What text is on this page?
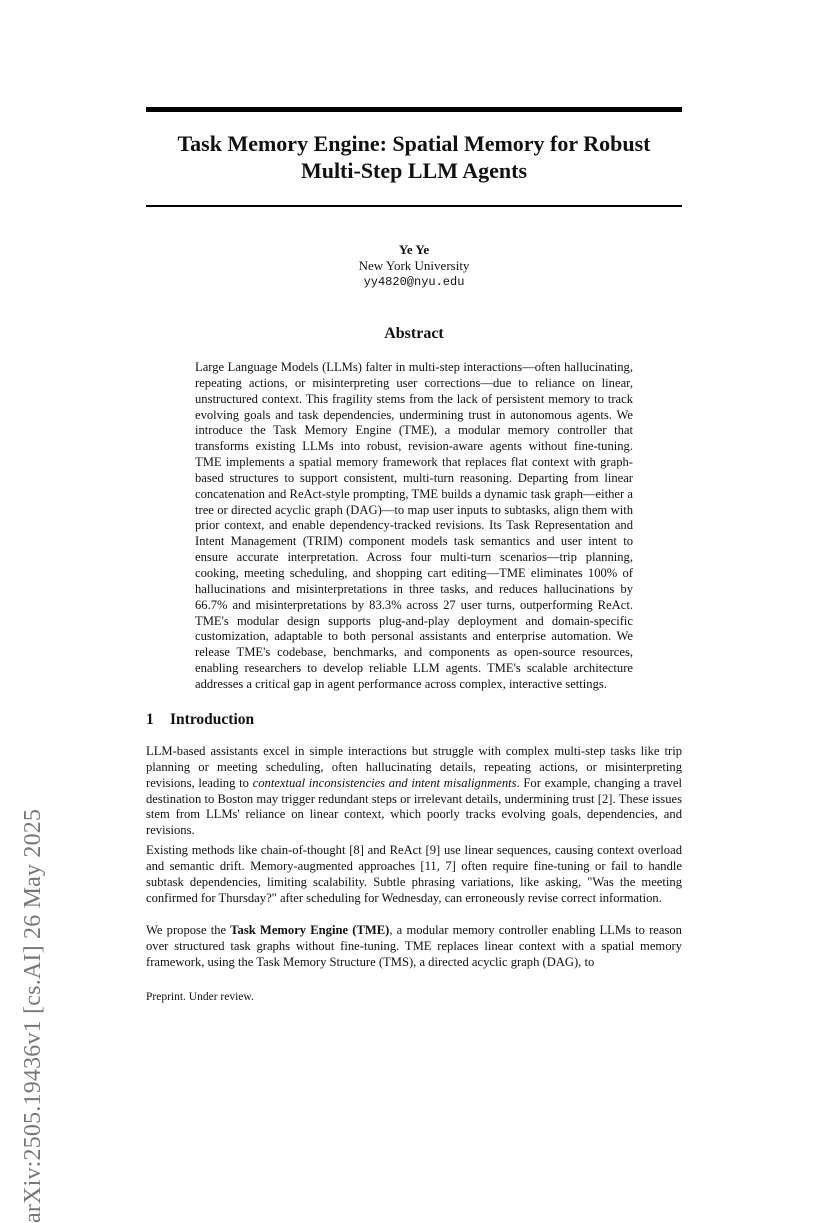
arXiv:2505.19436v1 [cs.AI] 26 May 2025
Task Memory Engine: Spatial Memory for Robust Multi-Step LLM Agents
Ye Ye
New York University
yy4820@nyu.edu
Abstract

Large Language Models (LLMs) falter in multi-step interactions—often hallucinating, repeating actions, or misinterpreting user corrections—due to reliance on linear, unstructured context. This fragility stems from the lack of persistent memory to track evolving goals and task dependencies, undermining trust in autonomous agents. We introduce the Task Memory Engine (TME), a modular memory controller that transforms existing LLMs into robust, revision-aware agents without fine-tuning. TME implements a spatial memory framework that replaces flat context with graph-based structures to support consistent, multi-turn reasoning. Departing from linear concatenation and ReAct-style prompting, TME builds a dynamic task graph—either a tree or directed acyclic graph (DAG)—to map user inputs to subtasks, align them with prior context, and enable dependency-tracked revisions. Its Task Representation and Intent Management (TRIM) component models task semantics and user intent to ensure accurate interpretation. Across four multi-turn scenarios—trip planning, cooking, meeting scheduling, and shopping cart editing—TME eliminates 100% of hallucinations and misinterpretations in three tasks, and reduces hallucinations by 66.7% and misinterpretations by 83.3% across 27 user turns, outperforming ReAct. TME's modular design supports plug-and-play deployment and domain-specific customization, adaptable to both personal assistants and enterprise automation. We release TME's codebase, benchmarks, and components as open-source resources, enabling researchers to develop reliable LLM agents. TME's scalable architecture addresses a critical gap in agent performance across complex, interactive settings.

1 Introduction

LLM-based assistants excel in simple interactions but struggle with complex multi-step tasks like trip planning or meeting scheduling, often hallucinating details, repeating actions, or misinterpreting revisions, leading to contextual inconsistencies and intent misalignments. For example, changing a travel destination to Boston may trigger redundant steps or irrelevant details, undermining trust [2]. These issues stem from LLMs' reliance on linear context, which poorly tracks evolving goals, dependencies, and revisions.

Existing methods like chain-of-thought [8] and ReAct [9] use linear sequences, causing context overload and semantic drift. Memory-augmented approaches [11, 7] often require fine-tuning or fail to handle subtask dependencies, limiting scalability. Subtle phrasing variations, like asking, "Was the meeting confirmed for Thursday?" after scheduling for Wednesday, can erroneously revise correct information.

We propose the Task Memory Engine (TME), a modular memory controller enabling LLMs to reason over structured task graphs without fine-tuning. TME replaces linear context with a spatial memory framework, using the Task Memory Structure (TMS), a directed acyclic graph (DAG), to

Preprint. Under review.
